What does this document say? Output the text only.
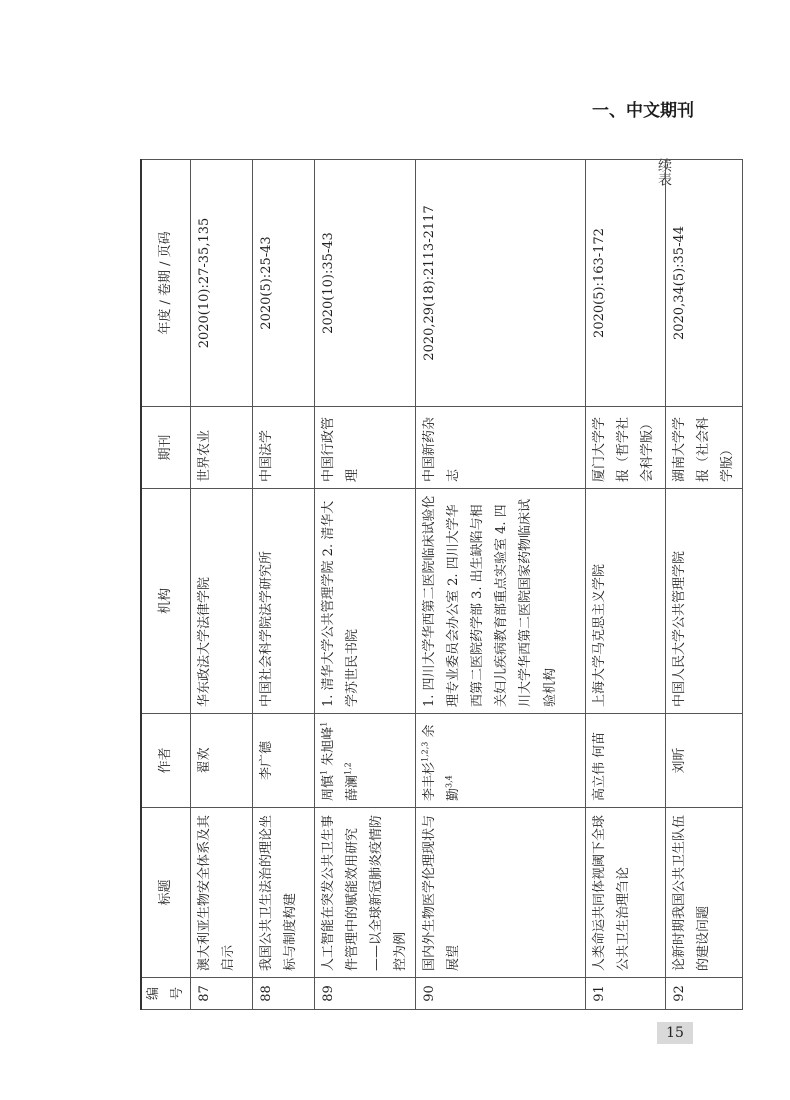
一、中文期刊
续表
编号	标题	作者	机构	期刊	年度 / 卷期 / 页码
87	澳大利亚生物安全体系及其启示	翟欢	华东政法大学法律学院	世界农业	2020(10):27-35,135
88	我国公共卫生法治的理论坐标与制度构建	李广德	中国社会科学院法学研究所	中国法学	2020(5):25-43
89	人工智能在突发公共卫生事件管理中的赋能效用研究——以全球新冠肺炎疫情防控为例	周慎$^1$ 朱旭峰$^1$ 薛澜$^{1,2}$	1. 清华大学公共管理学院 2. 清华大学苏世民书院	中国行政管理	2020(10):35-43
90	国内外生物医学伦理现状与展望	李丰杉$^{1,2,3}$ 余勤$^{3,4}$	1. 四川大学华西第二医院临床试验伦理专业委员会办公室 2. 四川大学华西第二医院药学部 3. 出生缺陷与相关妇儿疾病教育部重点实验室 4. 四川大学华西第二医院国家药物临床试验机构	中国新药杂志	2020,29(18):2113-2117
91	人类命运共同体视阈下全球公共卫生治理刍论	高立伟 何苗	上海大学马克思主义学院	厦门大学学报（哲学社会科学版）	2020(5):163-172
92	论新时期我国公共卫生队伍的建设问题	刘昕	中国人民大学公共管理学院	湖南大学学报（社会科学版）	2020,34(5):35-44
15
